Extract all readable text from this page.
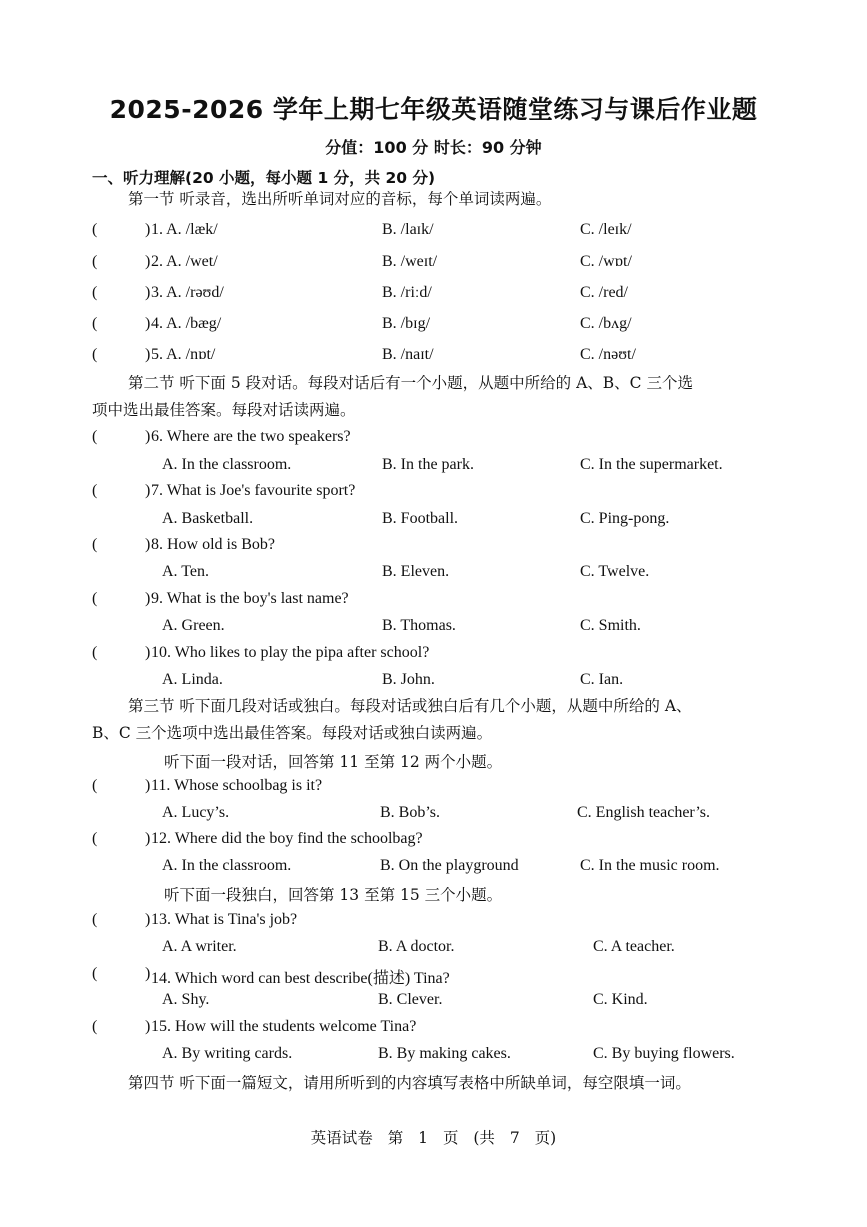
2025-2026 学年上期七年级英语随堂练习与课后作业题
分值：100 分 时长：90 分钟
一、听力理解(20 小题，每小题 1 分，共 20 分)
第一节 听录音，选出所听单词对应的音标，每个单词读两遍。
(	) 1. A. /læk/	B. /laɪk/	C. /leɪk/
(	) 2. A. /wet/	B. /weɪt/	C. /wɒt/
(	) 3. A. /rəʊd/	B. /riːd/	C. /red/
(	) 4. A. /bæg/	B. /bɪg/	C. /bʌg/
(	) 5. A. /nɒt/	B. /naɪt/	C. /nəʊt/
第二节 听下面 5 段对话。每段对话后有一个小题，从题中所给的 A、B、C 三个选
项中选出最佳答案。每段对话读两遍。
(	) 6. Where are the two speakers?
A. In the classroom.	B. In the park.	C. In the supermarket.
(	) 7. What is Joe's favourite sport?
A. Basketball.	B. Football.	C. Ping-pong.
(	) 8. How old is Bob?
A. Ten.	B. Eleven.	C. Twelve.
(	) 9. What is the boy's last name?
A. Green.	B. Thomas.	C. Smith.
(	) 10. Who likes to play the pipa after school?
A. Linda.	B. John.	C. Ian.
第三节 听下面几段对话或独白。每段对话或独白后有几个小题，从题中所给的 A、
B、C 三个选项中选出最佳答案。每段对话或独白读两遍。
听下面一段对话，回答第 11 至第 12 两个小题。
(	) 11. Whose schoolbag is it?
A. Lucy’s.	B. Bob’s.	C. English teacher’s.
(	) 12. Where did the boy find the schoolbag?
A. In the classroom.	B. On the playground	C. In the music room.
听下面一段独白，回答第 13 至第 15 三个小题。
(	) 13. What is Tina's job?
A. A writer.	B. A doctor.	C. A teacher.
(	) 14. Which word can best describe(描述) Tina?
A. Shy.	B. Clever.	C. Kind.
(	) 15. How will the students welcome Tina?
A. By writing cards.	B. By making cakes.	C. By buying flowers.
第四节 听下面一篇短文，请用所听到的内容填写表格中所缺单词，每空限填一词。
英语试卷 第 1 页 (共 7 页)
